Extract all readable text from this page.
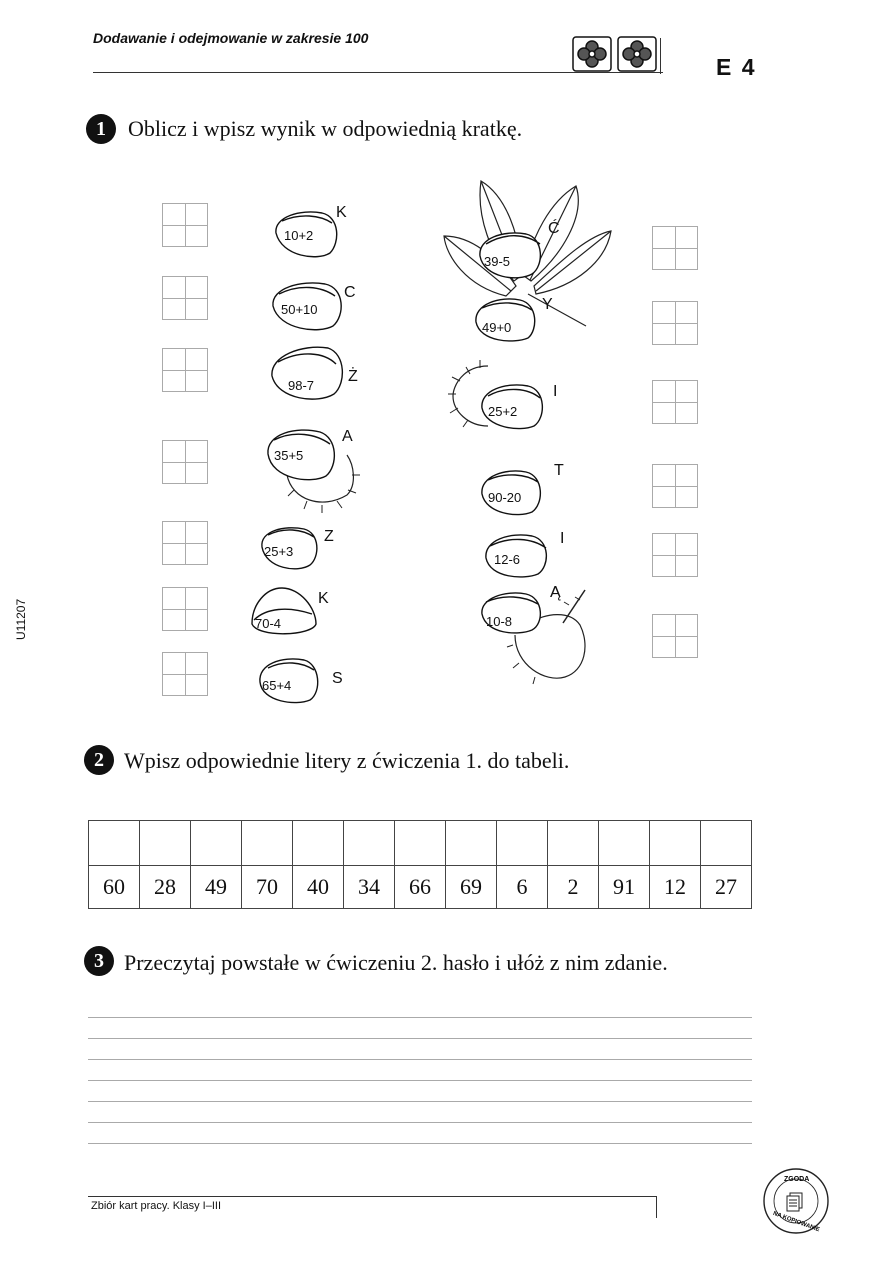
Dodawanie i odejmowanie w zakresie 100
E 4
U11207
1	Oblicz i wpisz wynik w odpowiednią kratkę.
10+2
K
50+10
C
98-7
Ż
35+5
A
25+3
Z
70-4
K
65+4	S
39-5
Ć
49+0
Y
25+2
I
90-20
T
12-6
I
10-8
Ą
2 Wpisz odpowiednie litery z ćwiczenia 1. do tabeli.

60	28	49	70	40	34	66	69	6	2	91	12	27
3 Przeczytaj powstałe w ćwiczeniu 2. hasło i ułóż z nim zdanie.
Zbiór kart pracy. Klasy I–III
ZGODA
NA KOPIOWANIE
